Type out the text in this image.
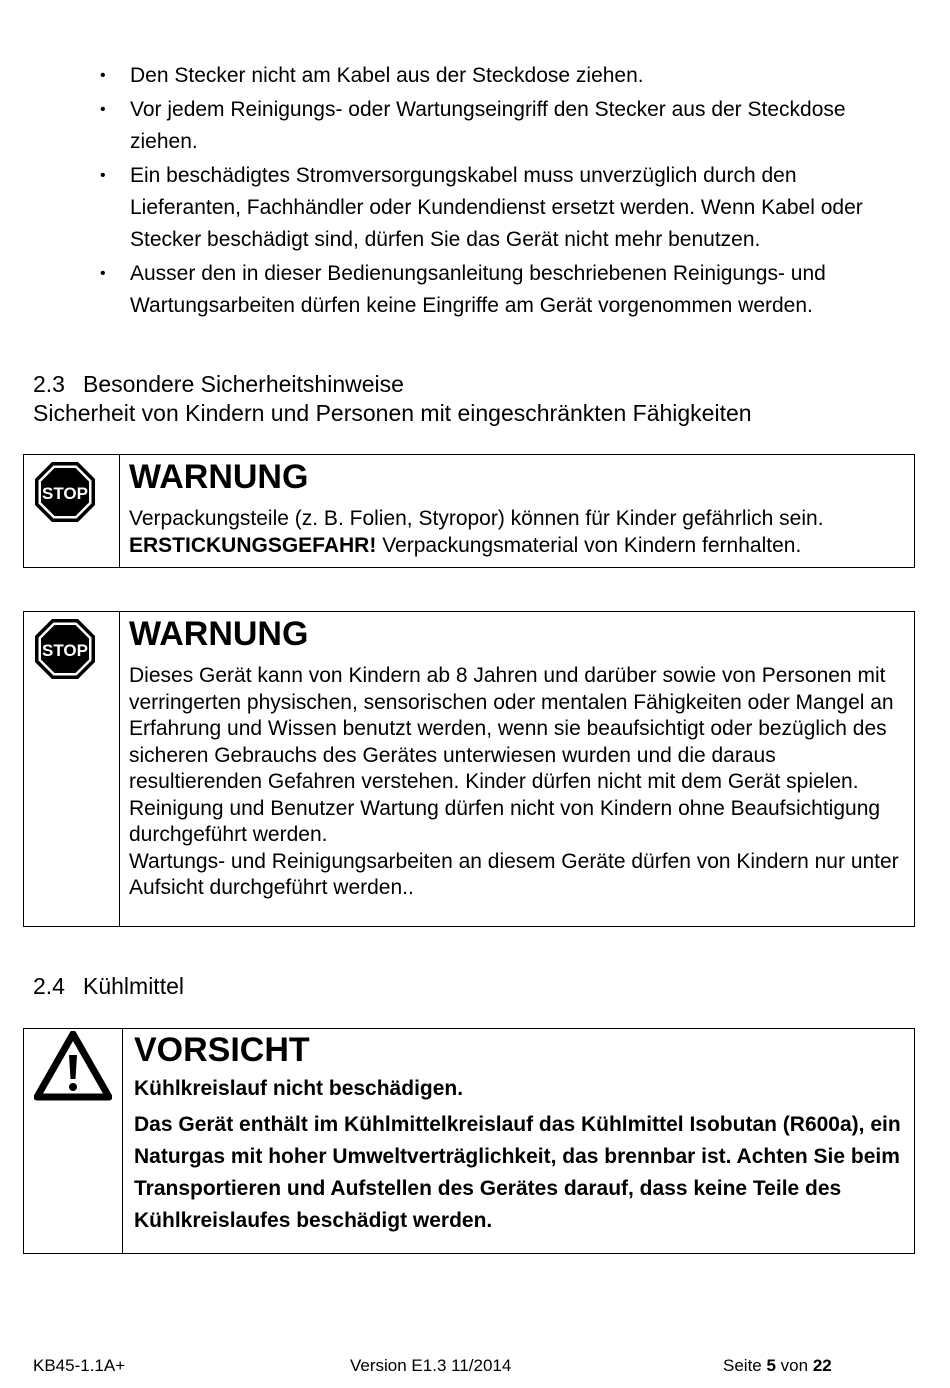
• Den Stecker nicht am Kabel aus der Steckdose ziehen.
• Vor jedem Reinigungs- oder Wartungseingriff den Stecker aus der Steckdose ziehen.
• Ein beschädigtes Stromversorgungskabel muss unverzüglich durch den Lieferanten, Fachhändler oder Kundendienst ersetzt werden. Wenn Kabel oder Stecker beschädigt sind, dürfen Sie das Gerät nicht mehr benutzen.
• Ausser den in dieser Bedienungsanleitung beschriebenen Reinigungs- und Wartungsarbeiten dürfen keine Eingriffe am Gerät vorgenommen werden.
2.3 Besondere Sicherheitshinweise
Sicherheit von Kindern und Personen mit eingeschränkten Fähigkeiten
STOP WARNUNG
Verpackungsteile (z. B. Folien, Styropor) können für Kinder gefährlich sein.
ERSTICKUNGSGEFAHR! Verpackungsmaterial von Kindern fernhalten.
STOP WARNUNG
Dieses Gerät kann von Kindern ab 8 Jahren und darüber sowie von Personen mit verringerten physischen, sensorischen oder mentalen Fähigkeiten oder Mangel an Erfahrung und Wissen benutzt werden, wenn sie beaufsichtigt oder bezüglich des sicheren Gebrauchs des Gerätes unterwiesen wurden und die daraus resultierenden Gefahren verstehen. Kinder dürfen nicht mit dem Gerät spielen. Reinigung und Benutzer Wartung dürfen nicht von Kindern ohne Beaufsichtigung durchgeführt werden.
Wartungs- und Reinigungsarbeiten an diesem Geräte dürfen von Kindern nur unter Aufsicht durchgeführt werden..
2.4 Kühlmittel
VORSICHT
Kühlkreislauf nicht beschädigen.
Das Gerät enthält im Kühlmittelkreislauf das Kühlmittel Isobutan (R600a), ein Naturgas mit hoher Umweltverträglichkeit, das brennbar ist. Achten Sie beim Transportieren und Aufstellen des Gerätes darauf, dass keine Teile des Kühlkreislaufes beschädigt werden.
KB45-1.1A+	Version E1.3 11/2014	Seite 5 von 22
